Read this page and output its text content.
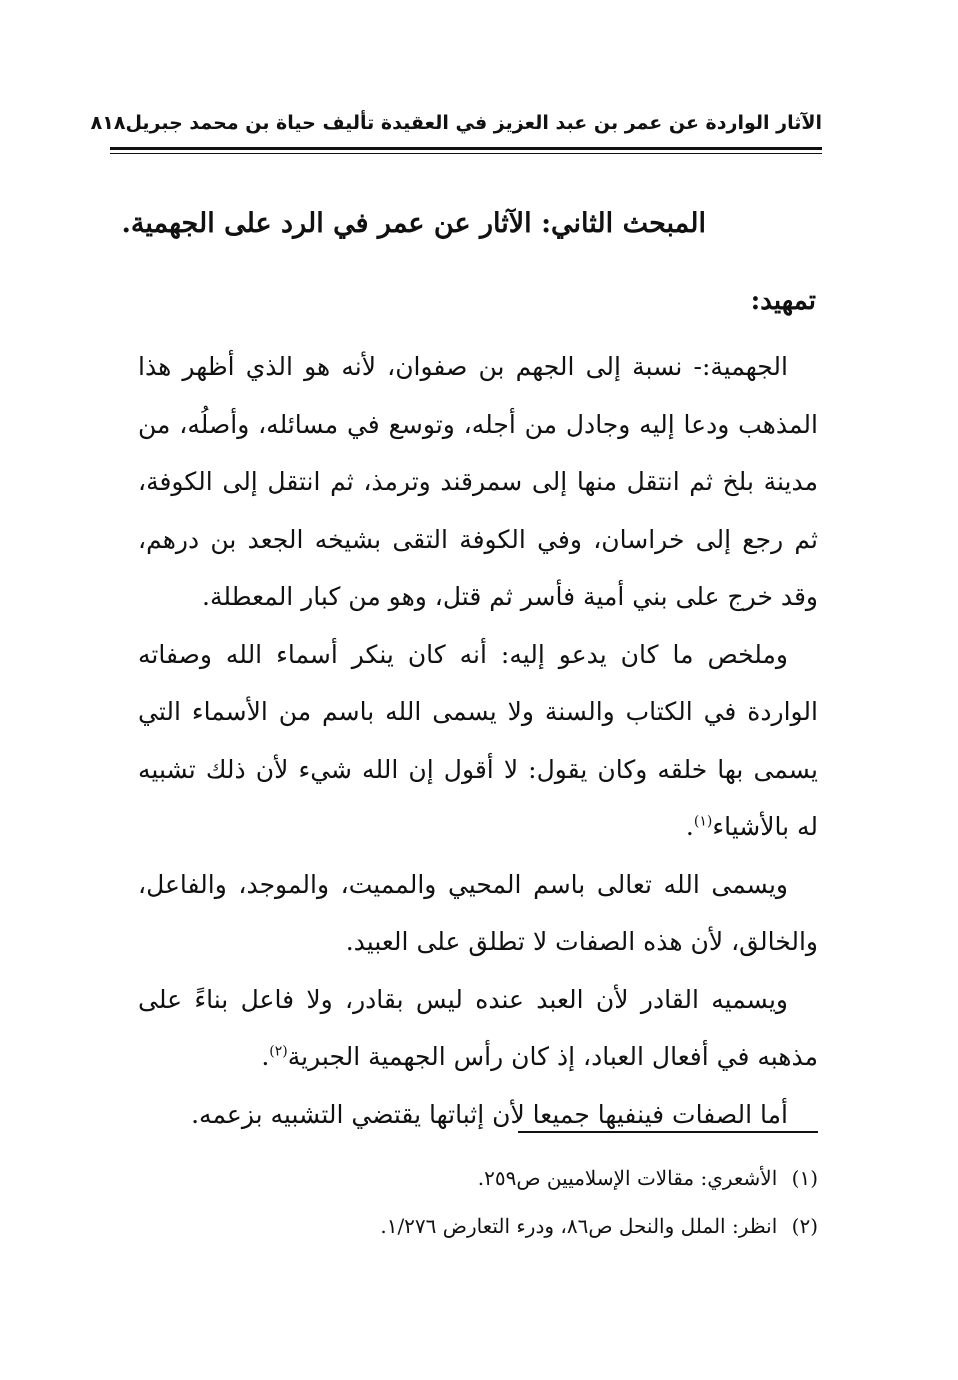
الآثار الواردة عن عمر بن عبد العزيز في العقيدة تأليف حياة بن محمد جبريل
٨١٨
المبحث الثاني: الآثار عن عمر في الرد على الجهمية.
تمهيد:

الجهمية:- نسبة إلى الجهم بن صفوان، لأنه هو الذي أظهر هذا المذهب ودعا إليه وجادل من أجله، وتوسع في مسائله، وأصلُه، من مدينة بلخ ثم انتقل منها إلى سمرقند وترمذ، ثم انتقل إلى الكوفة، ثم رجع إلى خراسان، وفي الكوفة التقى بشيخه الجعد بن درهم، وقد خرج على بني أمية فأسر ثم قتل، وهو من كبار المعطلة.

وملخص ما كان يدعو إليه: أنه كان ينكر أسماء الله وصفاته الواردة في الكتاب والسنة ولا يسمى الله باسم من الأسماء التي يسمى بها خلقه وكان يقول: لا أقول إن الله شيء لأن ذلك تشبيه له بالأشياء$^{(١)}$.

ويسمى الله تعالى باسم المحيي والمميت، والموجد، والفاعل، والخالق، لأن هذه الصفات لا تطلق على العبيد.

ويسميه القادر لأن العبد عنده ليس بقادر، ولا فاعل بناءً على مذهبه في أفعال العباد، إذ كان رأس الجهمية الجبرية$^{(٢)}$.

أما الصفات فينفيها جميعا لأن إثباتها يقتضي التشبيه بزعمه.

(١) الأشعري: مقالات الإسلاميين ص٢٥٩.
(٢) انظر: الملل والنحل ص٨٦، ودرء التعارض ١/٢٧٦.
